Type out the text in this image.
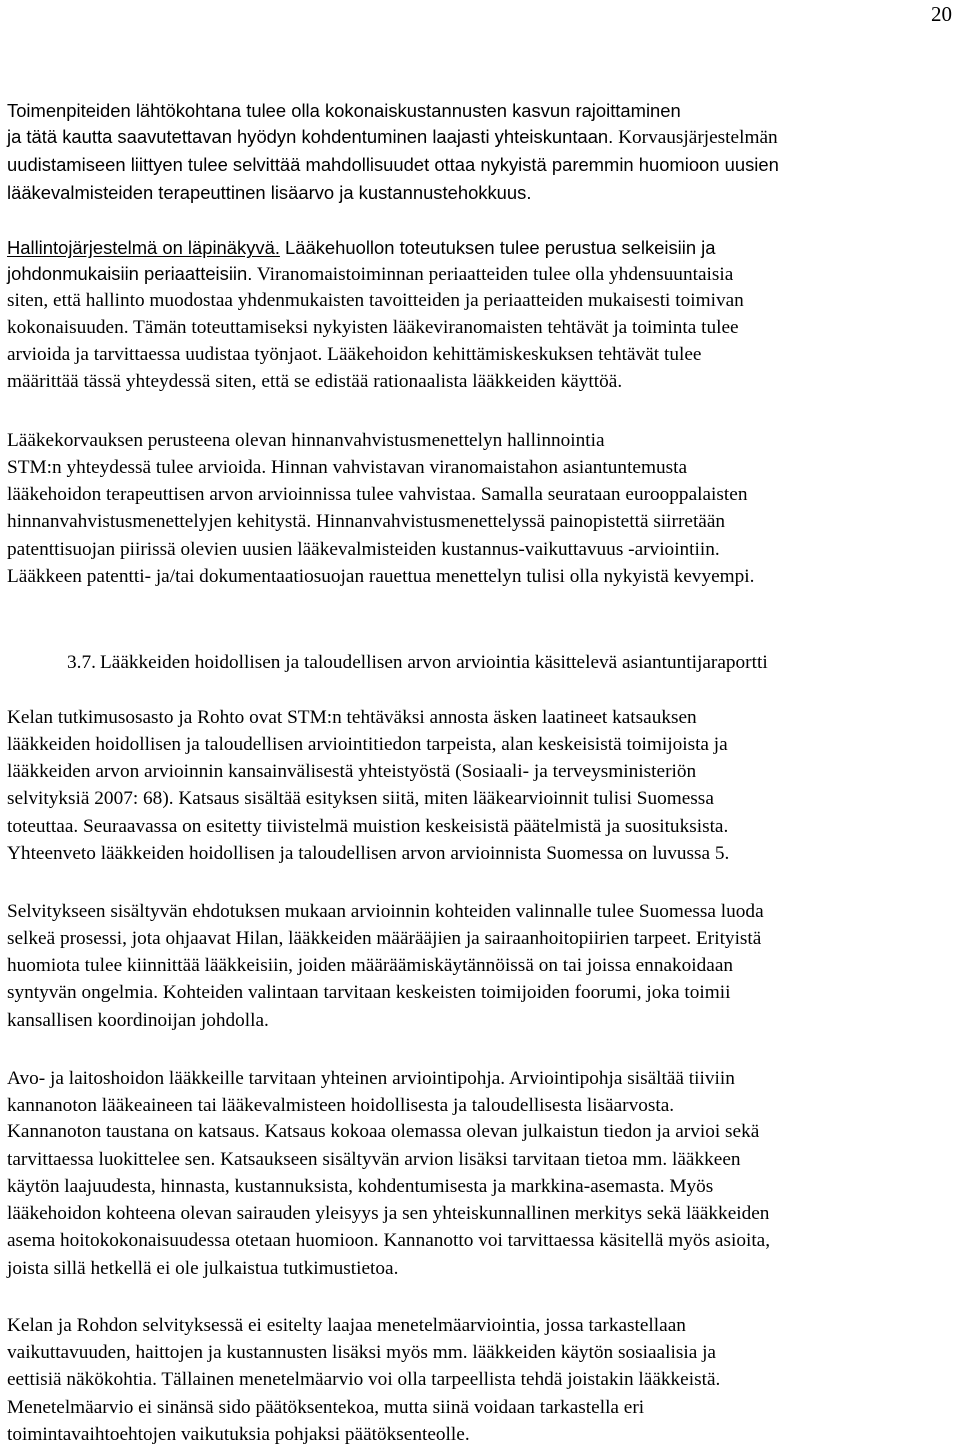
20
Toimenpiteiden lähtökohtana tulee olla kokonaiskustannusten kasvun rajoittaminen
ja tätä kautta saavutettavan hyödyn kohdentuminen laajasti yhteiskuntaan. Korvausjärjestelmän
uudistamiseen liittyen tulee selvittää mahdollisuudet ottaa nykyistä paremmin huomioon uusien
lääkevalmisteiden terapeuttinen lisäarvo ja kustannustehokkuus.
Hallintojärjestelmä on läpinäkyvä. Lääkehuollon toteutuksen tulee perustua selkeisiin ja
johdonmukaisiin periaatteisiin. Viranomaistoiminnan periaatteiden tulee olla yhdensuuntaisia
siten, että hallinto muodostaa yhdenmukaisten tavoitteiden ja periaatteiden mukaisesti toimivan
kokonaisuuden. Tämän toteuttamiseksi nykyisten lääkeviranomaisten tehtävät ja toiminta tulee
arvioida ja tarvittaessa uudistaa työnjaot. Lääkehoidon kehittämiskeskuksen tehtävät tulee
määrittää tässä yhteydessä siten, että se edistää rationaalista lääkkeiden käyttöä.
Lääkekorvauksen perusteena olevan hinnanvahvistusmenettelyn hallinnointia
STM:n yhteydessä tulee arvioida. Hinnan vahvistavan viranomaistahon asiantuntemusta
lääkehoidon terapeuttisen arvon arvioinnissa tulee vahvistaa. Samalla seurataan eurooppalaisten
hinnanvahvistusmenettelyjen kehitystä. Hinnanvahvistusmenettelyssä painopistettä siirretään
patenttisuojan piirissä olevien uusien lääkevalmisteiden kustannus-vaikuttavuus -arviointiin.
Lääkkeen patentti- ja/tai dokumentaatiosuojan rauettua menettelyn tulisi olla nykyistä kevyempi.
3.7. Lääkkeiden hoidollisen ja taloudellisen arvon arviointia käsittelevä asiantuntijaraportti
Kelan tutkimusosasto ja Rohto ovat STM:n tehtäväksi annosta äsken laatineet katsauksen
lääkkeiden hoidollisen ja taloudellisen arviointitiedon tarpeista, alan keskeisistä toimijoista ja
lääkkeiden arvon arvioinnin kansainvälisestä yhteistyöstä (Sosiaali- ja terveysministeriön
selvityksiä 2007: 68). Katsaus sisältää esityksen siitä, miten lääkearvioinnit tulisi Suomessa
toteuttaa. Seuraavassa on esitetty tiivistelmä muistion keskeisistä päätelmistä ja suosituksista.
Yhteenveto lääkkeiden hoidollisen ja taloudellisen arvon arvioinnista Suomessa on luvussa 5.
Selvitykseen sisältyvän ehdotuksen mukaan arvioinnin kohteiden valinnalle tulee Suomessa luoda
selkeä prosessi, jota ohjaavat Hilan, lääkkeiden määrääjien ja sairaanhoitopiirien tarpeet. Erityistä
huomiota tulee kiinnittää lääkkeisiin, joiden määräämiskäytännöissä on tai joissa ennakoidaan
syntyvän ongelmia. Kohteiden valintaan tarvitaan keskeisten toimijoiden foorumi, joka toimii
kansallisen koordinoijan johdolla.
Avo- ja laitoshoidon lääkkeille tarvitaan yhteinen arviointipohja. Arviointipohja sisältää tiiviin
kannanoton lääkeaineen tai lääkevalmisteen hoidollisesta ja taloudellisesta lisäarvosta.
Kannanoton taustana on katsaus. Katsaus kokoaa olemassa olevan julkaistun tiedon ja arvioi sekä
tarvittaessa luokittelee sen. Katsaukseen sisältyvän arvion lisäksi tarvitaan tietoa mm. lääkkeen
käytön laajuudesta, hinnasta, kustannuksista, kohdentumisesta ja markkina-asemasta. Myös
lääkehoidon kohteena olevan sairauden yleisyys ja sen yhteiskunnallinen merkitys sekä lääkkeiden
asema hoitokokonaisuudessa otetaan huomioon. Kannanotto voi tarvittaessa käsitellä myös asioita,
joista sillä hetkellä ei ole julkaistua tutkimustietoa.
Kelan ja Rohdon selvityksessä ei esitelty laajaa menetelmäarviointia, jossa tarkastellaan
vaikuttavuuden, haittojen ja kustannusten lisäksi myös mm. lääkkeiden käytön sosiaalisia ja
eettisiä näkökohtia. Tällainen menetelmäarvio voi olla tarpeellista tehdä joistakin lääkkeistä.
Menetelmäarvio ei sinänsä sido päätöksentekoa, mutta siinä voidaan tarkastella eri
toimintavaihtoehtojen vaikutuksia pohjaksi päätöksenteolle.
